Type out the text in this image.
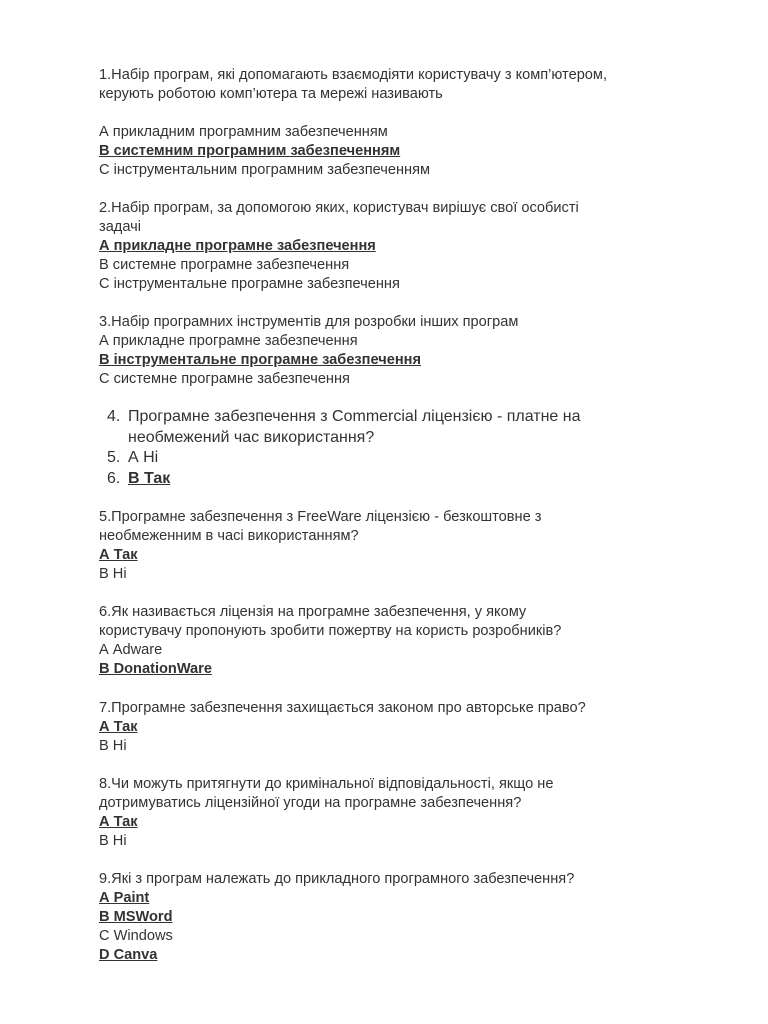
1.Набір програм, які допомагають взаємодіяти користувачу з комп’ютером,
керують роботою комп’ютера та мережі називають
А прикладним програмним забезпеченням
В системним програмним забезпеченням
С інструментальним програмним забезпеченням
2.Набір програм, за допомогою яких, користувач вирішує свої особисті
задачі
А прикладне програмне забезпечення
В системне програмне забезпечення
С інструментальне програмне забезпечення
3.Набір програмних інструментів для розробки інших програм
А прикладне програмне забезпечення
В інструментальне програмне забезпечення
С системне програмне забезпечення
4. Програмне забезпечення з Commercial ліцензією - платне на
необмежений час використання?
5. А Ні
6. В Так
5.Програмне забезпечення з FreeWare ліцензією - безкоштовне з
необмеженним в часі використанням?
А Так
В Ні
6.Як називається ліцензія на програмне забезпечення, у якому
користувачу пропонують зробити пожертву на користь розробників?
А Adware
В DonationWare
7.Програмне забезпечення захищається законом про авторське право?
А Так
В Ні
8.Чи можуть притягнути до кримінальної відповідальності, якщо не
дотримуватись ліцензійної угоди на програмне забезпечення?
А Так
В Ні
9.Які з програм належать до прикладного програмного забезпечення?
А Paint
В MSWord
С Windows
D Canva
